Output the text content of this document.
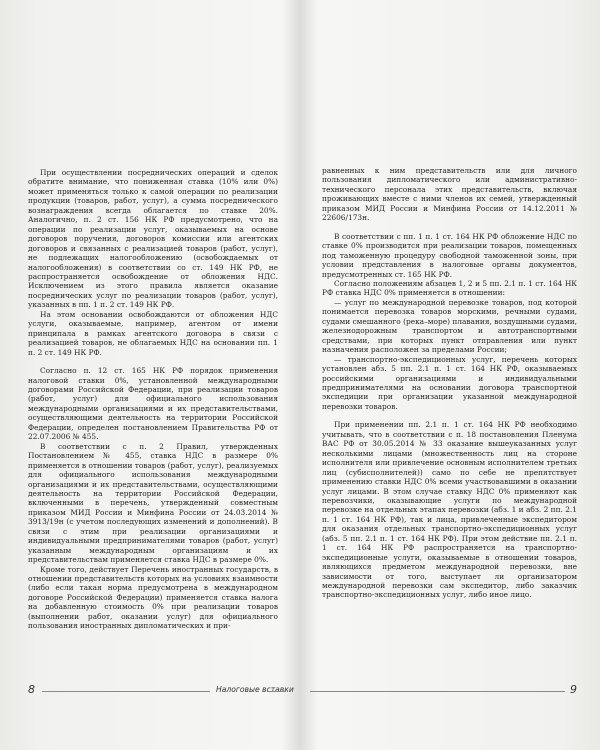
При осуществлении посреднических операций и сделок обратите внимание, что пониженная ставка (10% или 0%) может применяться только к самой операции по реализации продукции (товаров, работ, услуг), а сумма посреднического вознаграждения всегда облагается по ставке 20%. Аналогично, п. 2 ст. 156 НК РФ предусмотрено, что на операции по реализации услуг, оказываемых на основе договоров поручения, договоров комиссии или агентских договоров и связанных с реализацией товаров (работ, услуг), не подлежащих налогообложению (освобождаемых от налогообложения) в соответствии со ст. 149 НК РФ, не распространяется освобождение от обложения НДС. Исключением из этого правила является оказание посреднических услуг по реализации товаров (работ, услуг), указанных в пп. 1 п. 2 ст. 149 НК РФ.

На этом основании освобождаются от обложения НДС услуги, оказываемые, например, агентом от имени принципала в рамках агентского договора в связи с реализацией товаров, не облагаемых НДС на основании пп. 1 п. 2 ст. 149 НК РФ.

Согласно п. 12 ст. 165 НК РФ порядок применения налоговой ставки 0%, установленной международными договорами Российской Федерации, при реализации товаров (работ, услуг) для официального использования международными организациями и их представительствами, осуществляющими деятельность на территории Российской Федерации, определен постановлением Правительства РФ от 22.07.2006 № 455.

В соответствии с п. 2 Правил, утвержденных Постановлением № 455, ставка НДС в размере 0% применяется в отношении товаров (работ, услуг), реализуемых для официального использования международными организациями и их представительствами, осуществляющими деятельность на территории Российской Федерации, включенными в перечень, утвержденный совместным приказом МИД России и Минфина России от 24.03.2014 № 3913/19н (с учетом последующих изменений и дополнений). В связи с этим при реализации организациями и индивидуальными предпринимателями товаров (работ, услуг) указанным международным организациям и их представительствам применяется ставка НДС в размере 0%.

Кроме того, действует Перечень иностранных государств, в отношении представительств которых на условиях взаимности (либо если такая норма предусмотрена в международном договоре Российской Федерации) применяется ставка налога на добавленную стоимость 0% при реализации товаров (выполнении работ, оказании услуг) для официального пользования иностранных дипломатических и при-

8	Налоговые вставки

равненных к ним представительств или для личного пользования дипломатического или административно-технического персонала этих представительств, включая проживающих вместе с ними членов их семей, утвержденный приказом МИД России и Минфина России от 14.12.2011 № 22606/173н.

В соответствии с пп. 1 п. 1 ст. 164 НК РФ обложение НДС по ставке 0% производится при реализации товаров, помещенных под таможенную процедуру свободной таможенной зоны, при условии представления в налоговые органы документов, предусмотренных ст. 165 НК РФ.

Согласно положениям абзацев 1, 2 и 5 пп. 2.1 п. 1 ст. 164 НК РФ ставка НДС 0% применяется в отношении:

— услуг по международной перевозке товаров, под которой понимается перевозка товаров морскими, речными судами, судами смешанного (река–море) плавания, воздушными судами, железнодорожным транспортом и автотранспортными средствами, при которых пункт отправления или пункт назначения расположен за пределами России;

— транспортно-экспедиционных услуг, перечень которых установлен абз. 5 пп. 2.1 п. 1 ст. 164 НК РФ, оказываемых российскими организациями и индивидуальными предпринимателями на основании договора транспортной экспедиции при организации указанной международной перевозки товаров.

При применении пп. 2.1 п. 1 ст. 164 НК РФ необходимо учитывать, что в соответствии с п. 18 постановления Пленума ВАС РФ от 30.05.2014 № 33 оказание вышеуказанных услуг несколькими лицами (множественность лиц на стороне исполнителя или привлечение основным исполнителем третьих лиц (субисполнителей)) само по себе не препятствует применению ставки НДС 0% всеми участвовавшими в оказании услуг лицами. В этом случае ставку НДС 0% применяют как перевозчики, оказывающие услуги по международной перевозке на отдельных этапах перевозки (абз. 1 и абз. 2 пп. 2.1 п. 1 ст. 164 НК РФ), так и лица, привлеченные экспедитором для оказания отдельных транспортно-экспедиционных услуг (абз. 5 пп. 2.1 п. 1 ст. 164 НК РФ). При этом действие пп. 2.1 п. 1 ст. 164 НК РФ распространяется на транспортно-экспедиционные услуги, оказываемые в отношении товаров, являющихся предметом международной перевозки, вне зависимости от того, выступает ли организатором международной перевозки сам экспедитор, либо заказчик транспортно-экспедиционных услуг, либо иное лицо.

9
